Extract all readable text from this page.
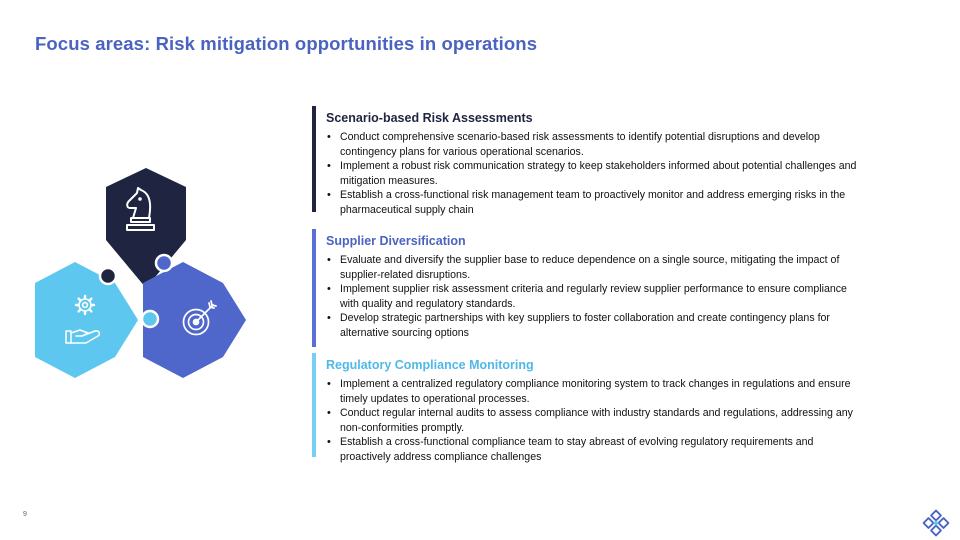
Focus areas: Risk mitigation opportunities in operations
Scenario-based Risk Assessments
• Conduct comprehensive scenario-based risk assessments to identify potential disruptions and develop contingency plans for various operational scenarios.
• Implement a robust risk communication strategy to keep stakeholders informed about potential challenges and mitigation measures.
• Establish a cross-functional risk management team to proactively monitor and address emerging risks in the pharmaceutical supply chain
Supplier Diversification
• Evaluate and diversify the supplier base to reduce dependence on a single source, mitigating the impact of supplier-related disruptions.
• Implement supplier risk assessment criteria and regularly review supplier performance to ensure compliance with quality and regulatory standards.
• Develop strategic partnerships with key suppliers to foster collaboration and create contingency plans for alternative sourcing options
Regulatory Compliance Monitoring
• Implement a centralized regulatory compliance monitoring system to track changes in regulations and ensure timely updates to operational processes.
• Conduct regular internal audits to assess compliance with industry standards and regulations, addressing any non-conformities promptly.
• Establish a cross-functional compliance team to stay abreast of evolving regulatory requirements and proactively address compliance challenges
9
